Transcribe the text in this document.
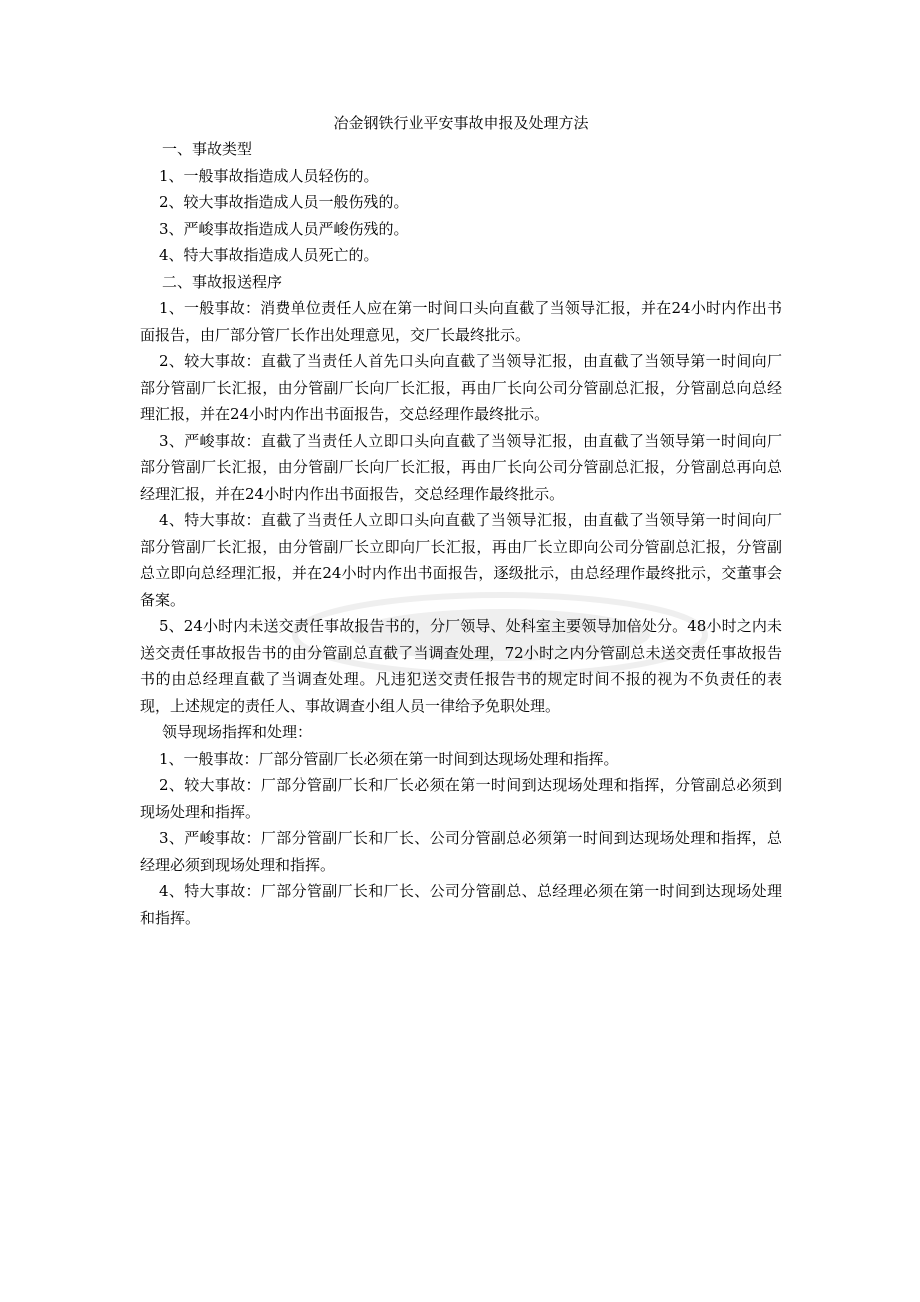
冶金钢铁行业平安事故申报及处理方法

一、事故类型

1、一般事故指造成人员轻伤的。

2、较大事故指造成人员一般伤残的。

3、严峻事故指造成人员严峻伤残的。

4、特大事故指造成人员死亡的。

二、事故报送程序

1、一般事故：消费单位责任人应在第一时间口头向直截了当领导汇报，并在24小时内作出书面报告，由厂部分管厂长作出处理意见，交厂长最终批示。

2、较大事故：直截了当责任人首先口头向直截了当领导汇报，由直截了当领导第一时间向厂部分管副厂长汇报，由分管副厂长向厂长汇报，再由厂长向公司分管副总汇报，分管副总向总经理汇报，并在24小时内作出书面报告，交总经理作最终批示。

3、严峻事故：直截了当责任人立即口头向直截了当领导汇报，由直截了当领导第一时间向厂部分管副厂长汇报，由分管副厂长向厂长汇报，再由厂长向公司分管副总汇报，分管副总再向总经理汇报，并在24小时内作出书面报告，交总经理作最终批示。

4、特大事故：直截了当责任人立即口头向直截了当领导汇报，由直截了当领导第一时间向厂部分管副厂长汇报，由分管副厂长立即向厂长汇报，再由厂长立即向公司分管副总汇报，分管副总立即向总经理汇报，并在24小时内作出书面报告，逐级批示，由总经理作最终批示，交董事会备案。

5、24小时内未送交责任事故报告书的，分厂领导、处科室主要领导加倍处分。48小时之内未送交责任事故报告书的由分管副总直截了当调查处理，72小时之内分管副总未送交责任事故报告书的由总经理直截了当调查处理。凡违犯送交责任报告书的规定时间不报的视为不负责任的表现，上述规定的责任人、事故调查小组人员一律给予免职处理。

领导现场指挥和处理：

1、一般事故：厂部分管副厂长必须在第一时间到达现场处理和指挥。

2、较大事故：厂部分管副厂长和厂长必须在第一时间到达现场处理和指挥，分管副总必须到现场处理和指挥。

3、严峻事故：厂部分管副厂长和厂长、公司分管副总必须第一时间到达现场处理和指挥，总经理必须到现场处理和指挥。

4、特大事故：厂部分管副厂长和厂长、公司分管副总、总经理必须在第一时间到达现场处理和指挥。
